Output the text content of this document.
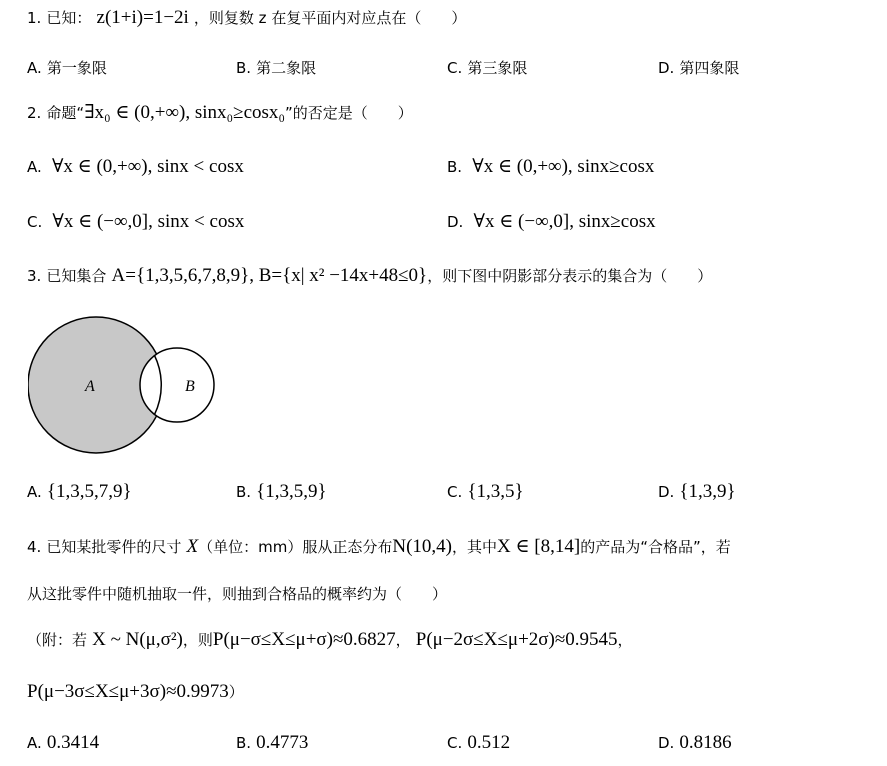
1. 已知： z(1+i)=1−2i ，则复数 z 在复平面内对应点在（　　）
A. 第一象限	B. 第二象限	C. 第三象限	D. 第四象限
2. 命题“∃x₀ ∈ (0,+∞), sinx₀≥cosx₀”的否定是（　　）
A. ∀x ∈ (0,+∞), sinx < cosx	B. ∀x ∈ (0,+∞), sinx≥cosx
C. ∀x ∈ (−∞,0], sinx < cosx	D. ∀x ∈ (−∞,0], sinx≥cosx
3. 已知集合 A={1,3,5,6,7,8,9}, B={x| x² −14x+48≤0}，则下图中阴影部分表示的集合为（　　）
A	B
A. {1,3,5,7,9}	B. {1,3,5,9}	C. {1,3,5}	D. {1,3,9}
4. 已知某批零件的尺寸 X（单位：mm）服从正态分布N(10,4)，其中X ∈ [8,14]的产品为“合格品”，若
从这批零件中随机抽取一件，则抽到合格品的概率约为（　　）
（附：若 X ~ N(μ,σ²)，则P(μ−σ≤X≤μ+σ)≈0.6827， P(μ−2σ≤X≤μ+2σ)≈0.9545，
P(μ−3σ≤X≤μ+3σ)≈0.9973）
A. 0.3414	B. 0.4773	C. 0.512	D. 0.8186
